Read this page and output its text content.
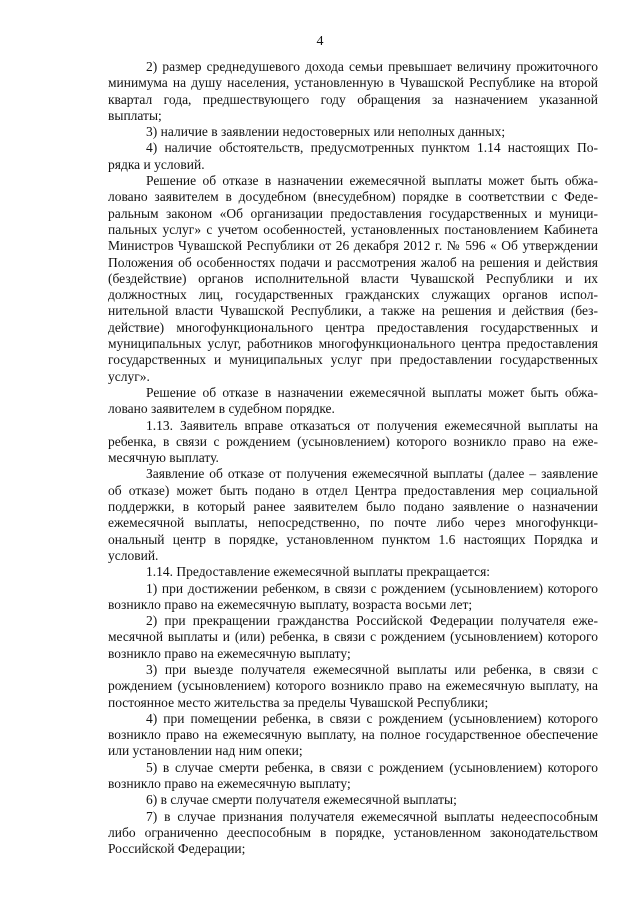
4

2) размер среднедушевого дохода семьи превышает величину прожиточного минимума на душу населения, установленную в Чувашской Республике на второй квартал года, предшествующего году обращения за назначением указанной выплаты;

3) наличие в заявлении недостоверных или неполных данных;

4) наличие обстоятельств, предусмотренных пунктом 1.14 настоящих Порядка и условий.

Решение об отказе в назначении ежемесячной выплаты может быть обжаловано заявителем в досудебном (внесудебном) порядке в соответствии с Федеральным законом «Об организации предоставления государственных и муниципальных услуг» с учетом особенностей, установленных постановлением Кабинета Министров Чувашской Республики от 26 декабря 2012 г. № 596 « Об утверждении Положения об особенностях подачи и рассмотрения жалоб на решения и действия (бездействие) органов исполнительной власти Чувашской Республики и их должностных лиц, государственных гражданских служащих органов исполнительной власти Чувашской Республики, а также на решения и действия (бездействие) многофункционального центра предоставления государственных и муниципальных услуг, работников многофункционального центра предоставления государственных и муниципальных услуг при предоставлении государственных услуг».

Решение об отказе в назначении ежемесячной выплаты может быть обжаловано заявителем в судебном порядке.

1.13. Заявитель вправе отказаться от получения ежемесячной выплаты на ребенка, в связи с рождением (усыновлением) которого возникло право на ежемесячную выплату.

Заявление об отказе от получения ежемесячной выплаты (далее – заявление об отказе) может быть подано в отдел Центра предоставления мер социальной поддержки, в который ранее заявителем было подано заявление о назначении ежемесячной выплаты, непосредственно, по почте либо через многофункциональный центр в порядке, установленном пунктом 1.6 настоящих Порядка и условий.

1.14. Предоставление ежемесячной выплаты прекращается:

1) при достижении ребенком, в связи с рождением (усыновлением) которого возникло право на ежемесячную выплату, возраста восьми лет;

2) при прекращении гражданства Российской Федерации получателя ежемесячной выплаты и (или) ребенка, в связи с рождением (усыновлением) которого возникло право на ежемесячную выплату;

3) при выезде получателя ежемесячной выплаты или ребенка, в связи с рождением (усыновлением) которого возникло право на ежемесячную выплату, на постоянное место жительства за пределы Чувашской Республики;

4) при помещении ребенка, в связи с рождением (усыновлением) которого возникло право на ежемесячную выплату, на полное государственное обеспечение или установлении над ним опеки;

5) в случае смерти ребенка, в связи с рождением (усыновлением) которого возникло право на ежемесячную выплату;

6) в случае смерти получателя ежемесячной выплаты;

7) в случае признания получателя ежемесячной выплаты недееспособным либо ограниченно дееспособным в порядке, установленном законодательством Российской Федерации;
